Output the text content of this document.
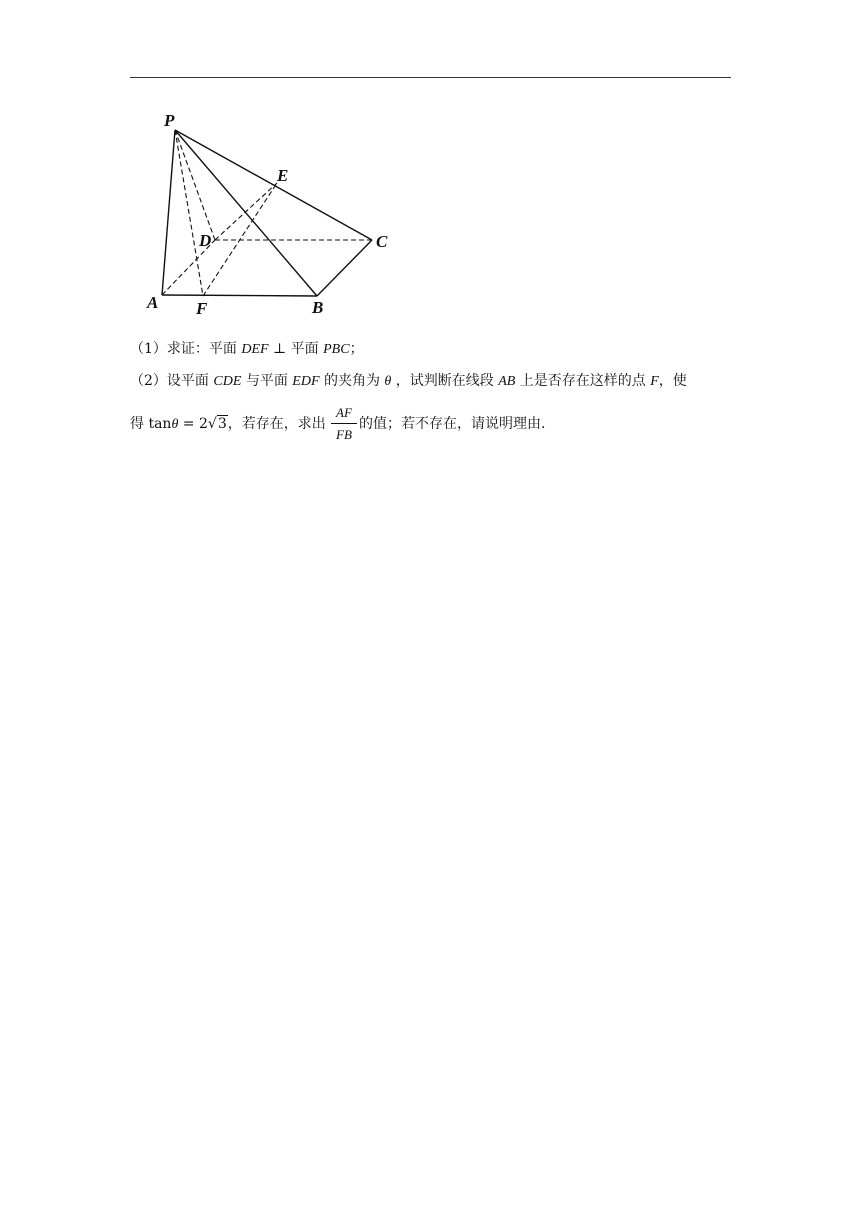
P
E
D	C
A F	B
（1）求证：平面 DEF ⊥ 平面 PBC；
（2）设平面 CDE 与平面 EDF 的夹角为 θ ，试判断在线段 AB 上是否存在这样的点 F，使
得 tanθ = 2√3，若存在，求出
AF
FB
的值；若不存在，请说明理由.
